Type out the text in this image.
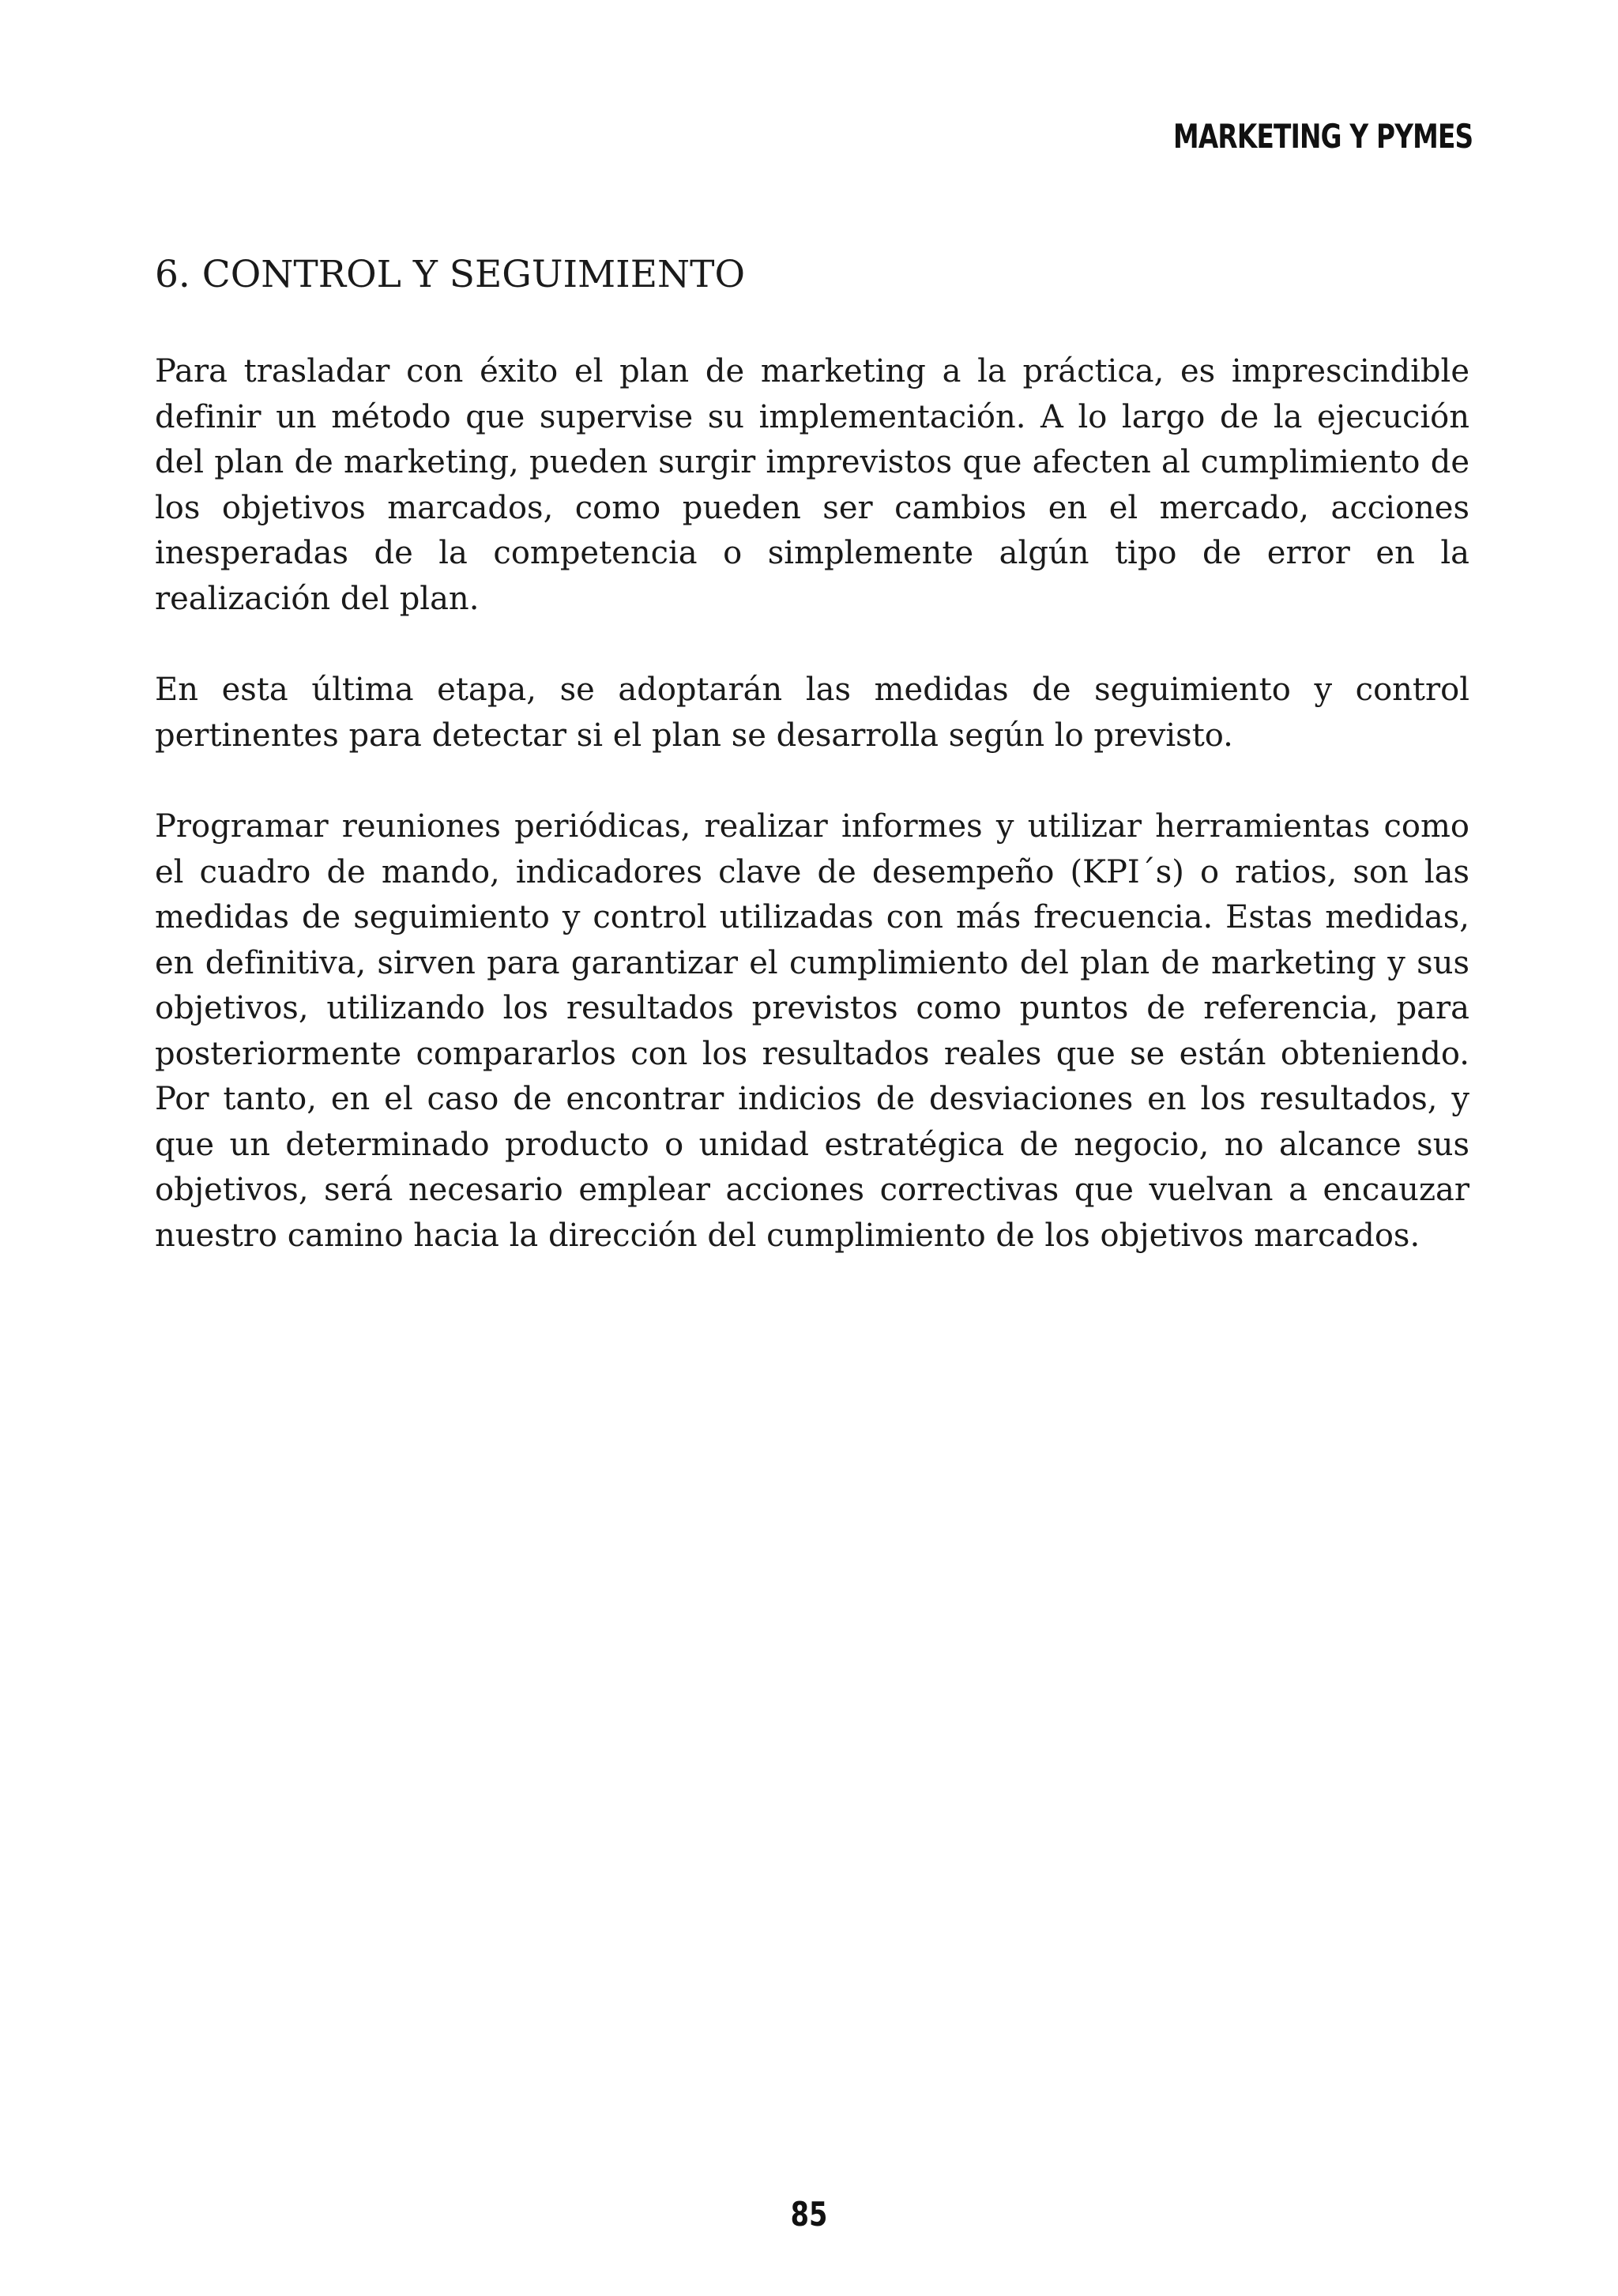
MARKETING Y PYMES
6. CONTROL Y SEGUIMIENTO

Para trasladar con éxito el plan de marketing a la práctica, es imprescindible definir un método que supervise su implementación. A lo largo de la ejecución del plan de marketing, pueden surgir imprevistos que afecten al cumplimiento de los objetivos marcados, como pueden ser cambios en el mercado, acciones inesperadas de la competencia o simplemente algún tipo de error en la realización del plan.

En esta última etapa, se adoptarán las medidas de seguimiento y control pertinentes para detectar si el plan se desarrolla según lo previsto.

Programar reuniones periódicas, realizar informes y utilizar herramientas como el cuadro de mando, indicadores clave de desempeño (KPI´s) o ratios, son las medidas de seguimiento y control utilizadas con más frecuencia. Estas medidas, en definitiva, sirven para garantizar el cumplimiento del plan de marketing y sus objetivos, utilizando los resultados previstos como puntos de referencia, para posteriormente compararlos con los resultados reales que se están obteniendo. Por tanto, en el caso de encontrar indicios de desviaciones en los resultados, y que un determinado producto o unidad estratégica de negocio, no alcance sus objetivos, será necesario emplear acciones correctivas que vuelvan a encauzar nuestro camino hacia la dirección del cumplimiento de los objetivos marcados.

85
